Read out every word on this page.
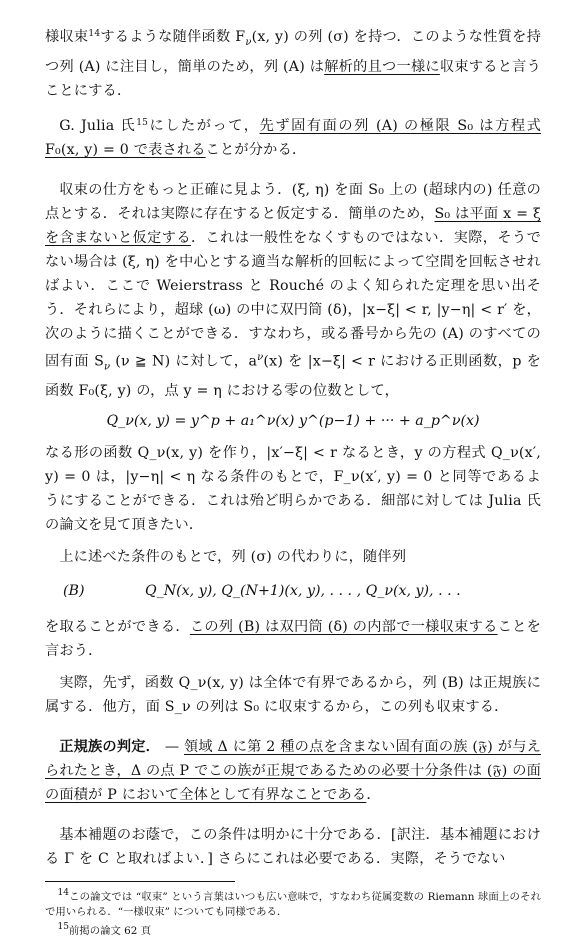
様収束$^{14}$するような随伴函数 $F_\nu(x$, y) の列 (σ) を持つ．このような性質を持つ列 (A) に注目し，簡単のため，列 (A) は解析的且つ一様に収束すると言うことにする．

G. Julia 氏$^{15}$にしたがって，先ず固有面の列 (A) の極限 S₀ は方程式 F₀(x, y) = 0 で表されることが分かる．

収束の仕方をもっと正確に見よう．(ξ, η) を面 S₀ 上の (超球内の) 任意の点とする．それは実際に存在すると仮定する．簡単のため，S₀ は平面 x = ξ を含まないと仮定する．これは一般性をなくすものではない．実際，そうでない場合は (ξ, η) を中心とする適当な解析的回転によって空間を回転させればよい．ここで Weierstrass と Rouché のよく知られた定理を思い出そう．それらにより，超球 (ω) の中に双円筒 (δ)，|x−ξ| < r, |y−η| < r′ を，次のように描くことができる．すなわち，或る番号から先の (A) のすべての固有面 $S_\nu$ (ν ≧ N) に対して，$a^\nu(x)$ を |x−ξ| < r における正則函数，p を函数 F₀(ξ, y) の，点 y = η における零の位数として，

Q_ν(x, y) = y^p + a₁^ν(x) y^(p−1) + ··· + a_p^ν(x)

なる形の函数 Q_ν(x, y) を作り，|x′−ξ| < r なるとき，y の方程式 Q_ν(x′, y) = 0 は，|y−η| < η なる条件のもとで，F_ν(x′, y) = 0 と同等であるようにすることができる．これは殆ど明らかである．細部に対しては Julia 氏の論文を見て頂きたい．

上に述べた条件のもとで，列 (σ) の代わりに，随伴列

(B)	Q_N(x, y), Q_(N+1)(x, y), . . . , Q_ν(x, y), . . .

を取ることができる．この列 (B) は双円筒 (δ) の内部で一様収束することを言おう．

実際，先ず，函数 Q_ν(x, y) は全体で有界であるから，列 (B) は正規族に属する．他方，面 S_ν の列は S₀ に収束するから，この列も収束する．

正規族の判定． — 領域 Δ に第 2 種の点を含まない固有面の族 (𝔉) が与えられたとき，Δ の点 P でこの族が正規であるための必要十分条件は (𝔉) の面の面積が P において全体として有界なことである．

基本補題のお蔭で，この条件は明かに十分である．[訳注．基本補題における Γ を C と取ればよい．] さらにこれは必要である．実際，そうでない

14この論文では “収束” という言葉はいつも広い意味で，すなわち従属変数の Riemann 球面上のそれで用いられる．“一様収束” についても同様である．

15前掲の論文 62 頁
